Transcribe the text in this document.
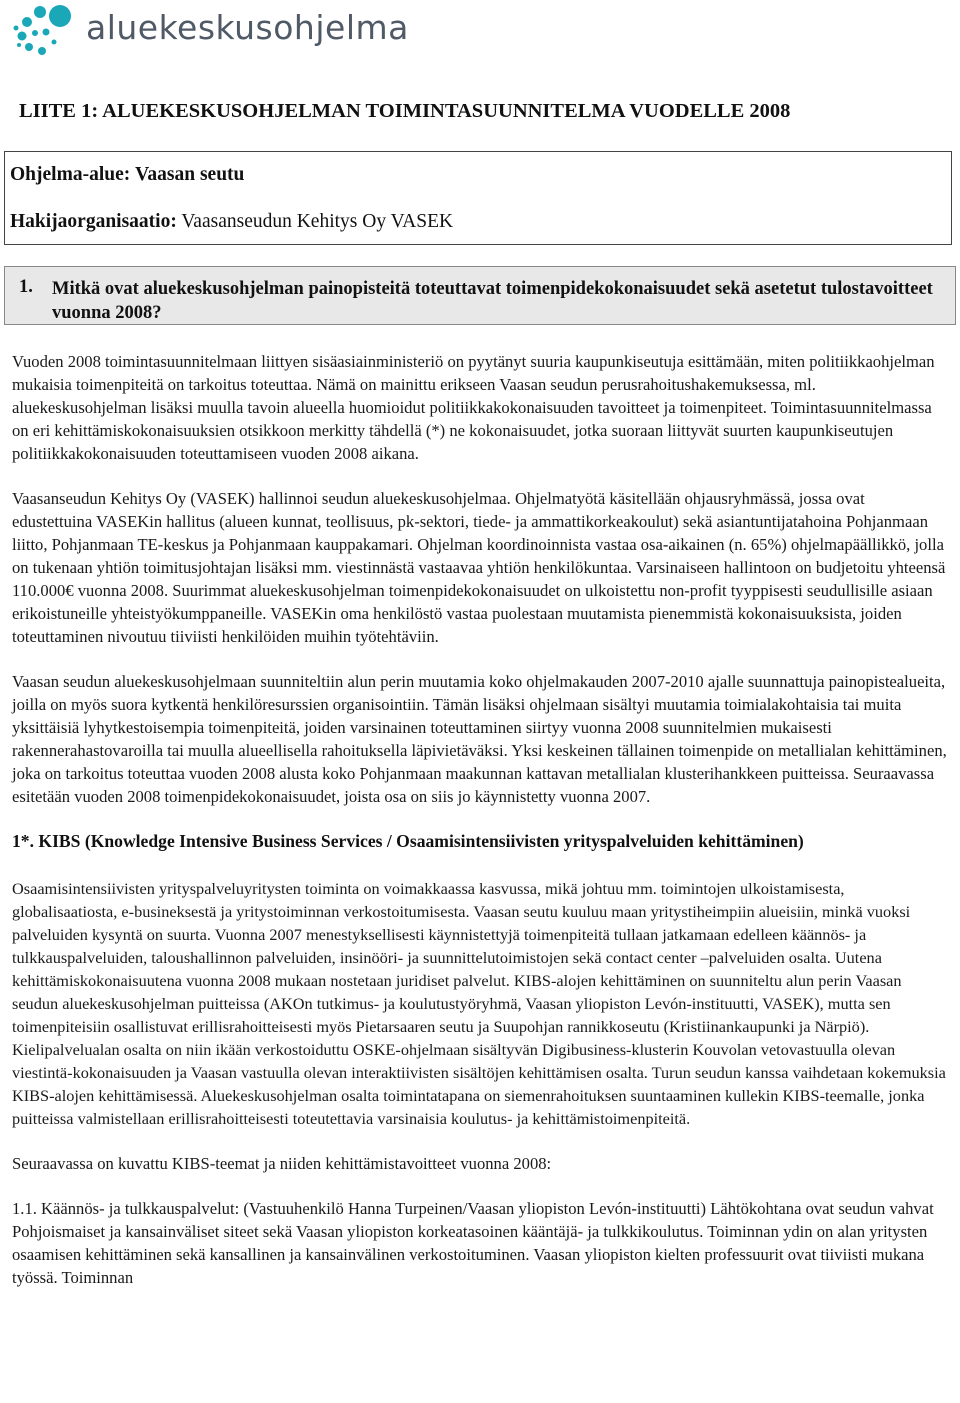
aluekeskusohjelma
LIITE 1: ALUEKESKUSOHJELMAN TOIMINTASUUNNITELMA VUODELLE 2008
Ohjelma-alue: Vaasan seutu
Hakijaorganisaatio: Vaasanseudun Kehitys Oy VASEK
1. Mitkä ovat aluekeskusohjelman painopisteitä toteuttavat toimenpidekokonaisuudet sekä asetetut tulostavoitteet vuonna 2008?

Vuoden 2008 toimintasuunnitelmaan liittyen sisäasiainministeriö on pyytänyt suuria kaupunkiseutuja esittämään, miten politiikkaohjelman mukaisia toimenpiteitä on tarkoitus toteuttaa. Nämä on mainittu erikseen Vaasan seudun perusrahoitushakemuksessa, ml. aluekeskusohjelman lisäksi muulla tavoin alueella huomioidut politiikkakokonaisuuden tavoitteet ja toimenpiteet. Toimintasuunnitelmassa on eri kehittämiskokonaisuuksien otsikkoon merkitty tähdellä (*) ne kokonaisuudet, jotka suoraan liittyvät suurten kaupunkiseutujen politiikkakokonaisuuden toteuttamiseen vuoden 2008 aikana.

Vaasanseudun Kehitys Oy (VASEK) hallinnoi seudun aluekeskusohjelmaa. Ohjelmatyötä käsitellään ohjausryhmässä, jossa ovat edustettuina VASEKin hallitus (alueen kunnat, teollisuus, pk-sektori, tiede- ja ammattikorkeakoulut) sekä asiantuntijatahoina Pohjanmaan liitto, Pohjanmaan TE-keskus ja Pohjanmaan kauppakamari. Ohjelman koordinoinnista vastaa osa-aikainen (n. 65%) ohjelmapäällikkö, jolla on tukenaan yhtiön toimitusjohtajan lisäksi mm. viestinnästä vastaavaa yhtiön henkilökuntaa. Varsinaiseen hallintoon on budjetoitu yhteensä 110.000€ vuonna 2008. Suurimmat aluekeskusohjelman toimenpidekokonaisuudet on ulkoistettu non-profit tyyppisesti seudullisille asiaan erikoistuneille yhteistyökumppaneille. VASEKin oma henkilöstö vastaa puolestaan muutamista pienemmistä kokonaisuuksista, joiden toteuttaminen nivoutuu tiiviisti henkilöiden muihin työtehtäviin.

Vaasan seudun aluekeskusohjelmaan suunniteltiin alun perin muutamia koko ohjelmakauden 2007-2010 ajalle suunnattuja painopistealueita, joilla on myös suora kytkentä henkilöresurssien organisointiin. Tämän lisäksi ohjelmaan sisältyi muutamia toimialakohtaisia tai muita yksittäisiä lyhytkestoisempia toimenpiteitä, joiden varsinainen toteuttaminen siirtyy vuonna 2008 suunnitelmien mukaisesti rakennerahastovaroilla tai muulla alueellisella rahoituksella läpivietäväksi. Yksi keskeinen tällainen toimenpide on metallialan kehittäminen, joka on tarkoitus toteuttaa vuoden 2008 alusta koko Pohjanmaan maakunnan kattavan metallialan klusterihankkeen puitteissa. Seuraavassa esitetään vuoden 2008 toimenpidekokonaisuudet, joista osa on siis jo käynnistetty vuonna 2007.

1*. KIBS (Knowledge Intensive Business Services / Osaamisintensiivisten yrityspalveluiden kehittäminen)

Osaamisintensiivisten yrityspalveluyritysten toiminta on voimakkaassa kasvussa, mikä johtuu mm. toimintojen ulkoistamisesta, globalisaatiosta, e-busineksestä ja yritystoiminnan verkostoitumisesta. Vaasan seutu kuuluu maan yritystiheimpiin alueisiin, minkä vuoksi palveluiden kysyntä on suurta. Vuonna 2007 menestyksellisesti käynnistettyjä toimenpiteitä tullaan jatkamaan edelleen käännös- ja tulkkauspalveluiden, taloushallinnon palveluiden, insinööri- ja suunnittelutoimistojen sekä contact center –palveluiden osalta. Uutena kehittämiskokonaisuutena vuonna 2008 mukaan nostetaan juridiset palvelut. KIBS-alojen kehittäminen on suunniteltu alun perin Vaasan seudun aluekeskusohjelman puitteissa (AKOn tutkimus- ja koulutustyöryhmä, Vaasan yliopiston Levón-instituutti, VASEK), mutta sen toimenpiteisiin osallistuvat erillisrahoitteisesti myös Pietarsaaren seutu ja Suupohjan rannikkoseutu (Kristiinankaupunki ja Närpiö). Kielipalvelualan osalta on niin ikään verkostoiduttu OSKE-ohjelmaan sisältyvän Digibusiness-klusterin Kouvolan vetovastuulla olevan viestintä-kokonaisuuden ja Vaasan vastuulla olevan interaktiivisten sisältöjen kehittämisen osalta. Turun seudun kanssa vaihdetaan kokemuksia KIBS-alojen kehittämisessä. Aluekeskusohjelman osalta toimintatapana on siemenrahoituksen suuntaaminen kullekin KIBS-teemalle, jonka puitteissa valmistellaan erillisrahoitteisesti toteutettavia varsinaisia koulutus- ja kehittämistoimenpiteitä.

Seuraavassa on kuvattu KIBS-teemat ja niiden kehittämistavoitteet vuonna 2008:

1.1. Käännös- ja tulkkauspalvelut: (Vastuuhenkilö Hanna Turpeinen/Vaasan yliopiston Levón-instituutti) Lähtökohtana ovat seudun vahvat Pohjoismaiset ja kansainväliset siteet sekä Vaasan yliopiston korkeatasoinen kääntäjä- ja tulkkikoulutus. Toiminnan ydin on alan yritysten osaamisen kehittäminen sekä kansallinen ja kansainvälinen verkostoituminen. Vaasan yliopiston kielten professuurit ovat tiiviisti mukana työssä. Toiminnan
